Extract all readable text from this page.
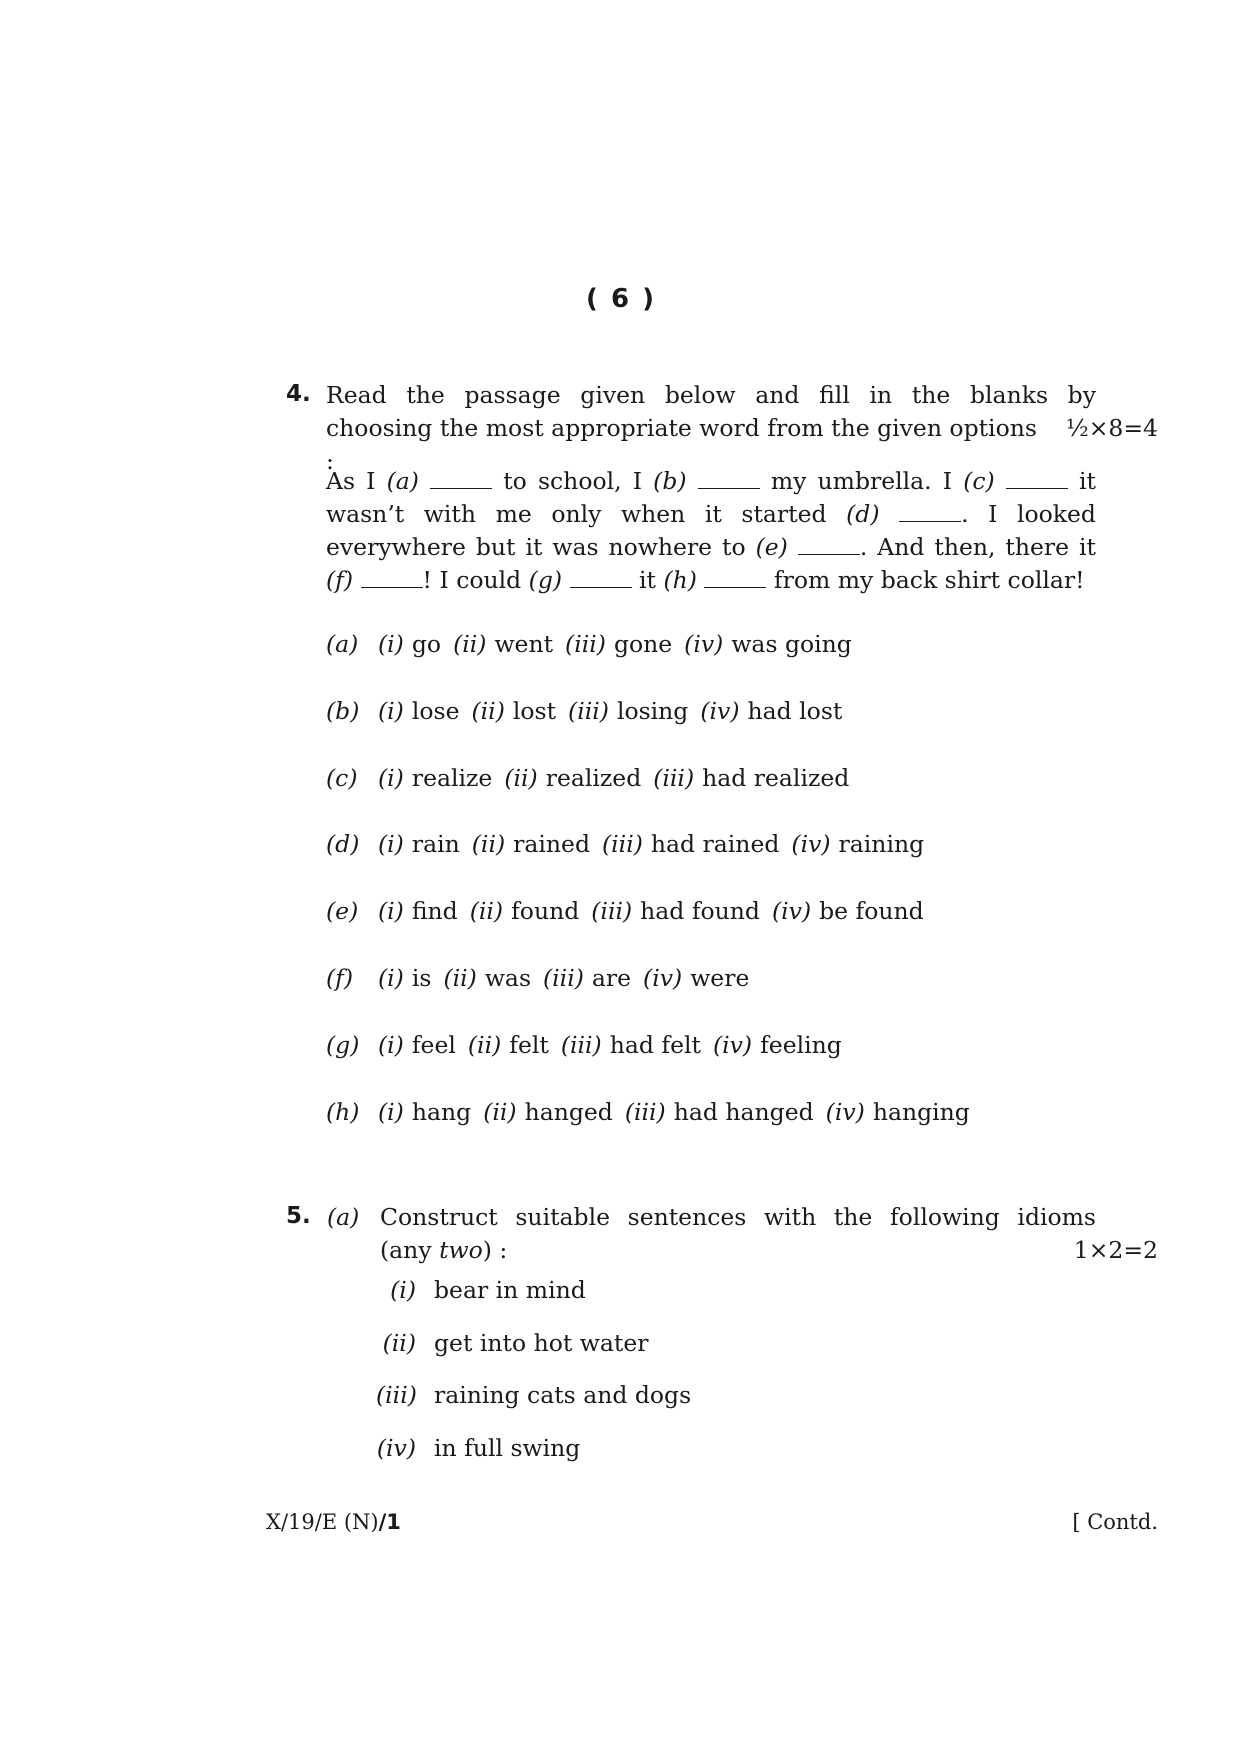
( 6 )
4. Read the passage given below and fill in the blanks by
choosing the most appropriate word from the given options :
½×8=4
As I (a)	to school, I (b)	my umbrella. I (c)	it
wasn’t with me only when it started (d)	. I looked
everywhere but it was nowhere to (e)	. And then, there it
(f)	! I could (g)	it (h)	from my back shirt collar!
(a) (i) go (ii) went (iii) gone (iv) was going
(b) (i) lose (ii) lost (iii) losing (iv) had lost
(c) (i) realize (ii) realized (iii) had realized
(d) (i) rain (ii) rained (iii) had rained (iv) raining
(e) (i) find (ii) found (iii) had found (iv) be found
(f) (i) is (ii) was (iii) are (iv) were
(g) (i) feel (ii) felt (iii) had felt (iv) feeling
(h) (i) hang (ii) hanged (iii) had hanged (iv) hanging
5. (a) Construct suitable sentences with the following idioms
(any two) :	1×2=2
(i) bear in mind
(ii) get into hot water
(iii) raining cats and dogs
(iv) in full swing
X/19/E (N)/1	[ Contd.
